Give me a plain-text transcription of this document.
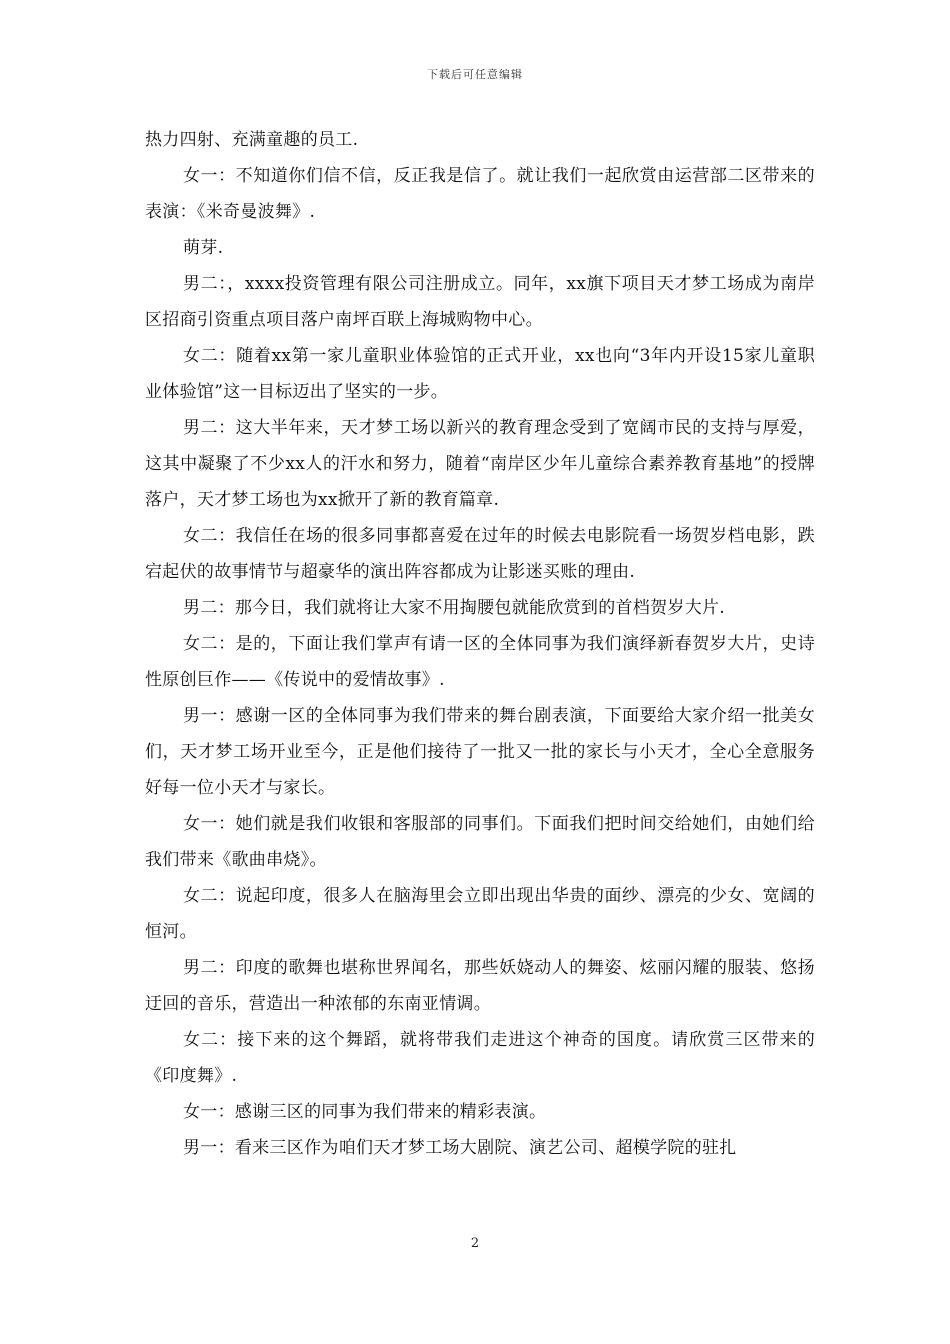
下载后可任意编辑

热力四射、充满童趣的员工.

女一：不知道你们信不信，反正我是信了。就让我们一起欣赏由运营部二区带来的表演：《米奇曼波舞》.

萌芽.

男二：，xxxx投资管理有限公司注册成立。同年，xx旗下项目天才梦工场成为南岸区招商引资重点项目落户南坪百联上海城购物中心。

女二：随着xx第一家儿童职业体验馆的正式开业，xx也向“3年内开设15家儿童职业体验馆”这一目标迈出了坚实的一步。

男二：这大半年来，天才梦工场以新兴的教育理念受到了宽阔市民的支持与厚爱，这其中凝聚了不少xx人的汗水和努力，随着“南岸区少年儿童综合素养教育基地”的授牌落户，天才梦工场也为xx掀开了新的教育篇章.

女二：我信任在场的很多同事都喜爱在过年的时候去电影院看一场贺岁档电影，跌宕起伏的故事情节与超豪华的演出阵容都成为让影迷买账的理由.

男二：那今日，我们就将让大家不用掏腰包就能欣赏到的首档贺岁大片.

女二：是的，下面让我们掌声有请一区的全体同事为我们演绎新春贺岁大片，史诗性原创巨作——《传说中的爱情故事》.

男一：感谢一区的全体同事为我们带来的舞台剧表演，下面要给大家介绍一批美女们，天才梦工场开业至今，正是他们接待了一批又一批的家长与小天才，全心全意服务好每一位小天才与家长。

女一：她们就是我们收银和客服部的同事们。下面我们把时间交给她们，由她们给我们带来《歌曲串烧》。

女二：说起印度，很多人在脑海里会立即出现出华贵的面纱、漂亮的少女、宽阔的恒河。

男二：印度的歌舞也堪称世界闻名，那些妖娆动人的舞姿、炫丽闪耀的服装、悠扬迂回的音乐，营造出一种浓郁的东南亚情调。

女二：接下来的这个舞蹈，就将带我们走进这个神奇的国度。请欣赏三区带来的《印度舞》.

女一：感谢三区的同事为我们带来的精彩表演。

男一：看来三区作为咱们天才梦工场大剧院、演艺公司、超模学院的驻扎

2
